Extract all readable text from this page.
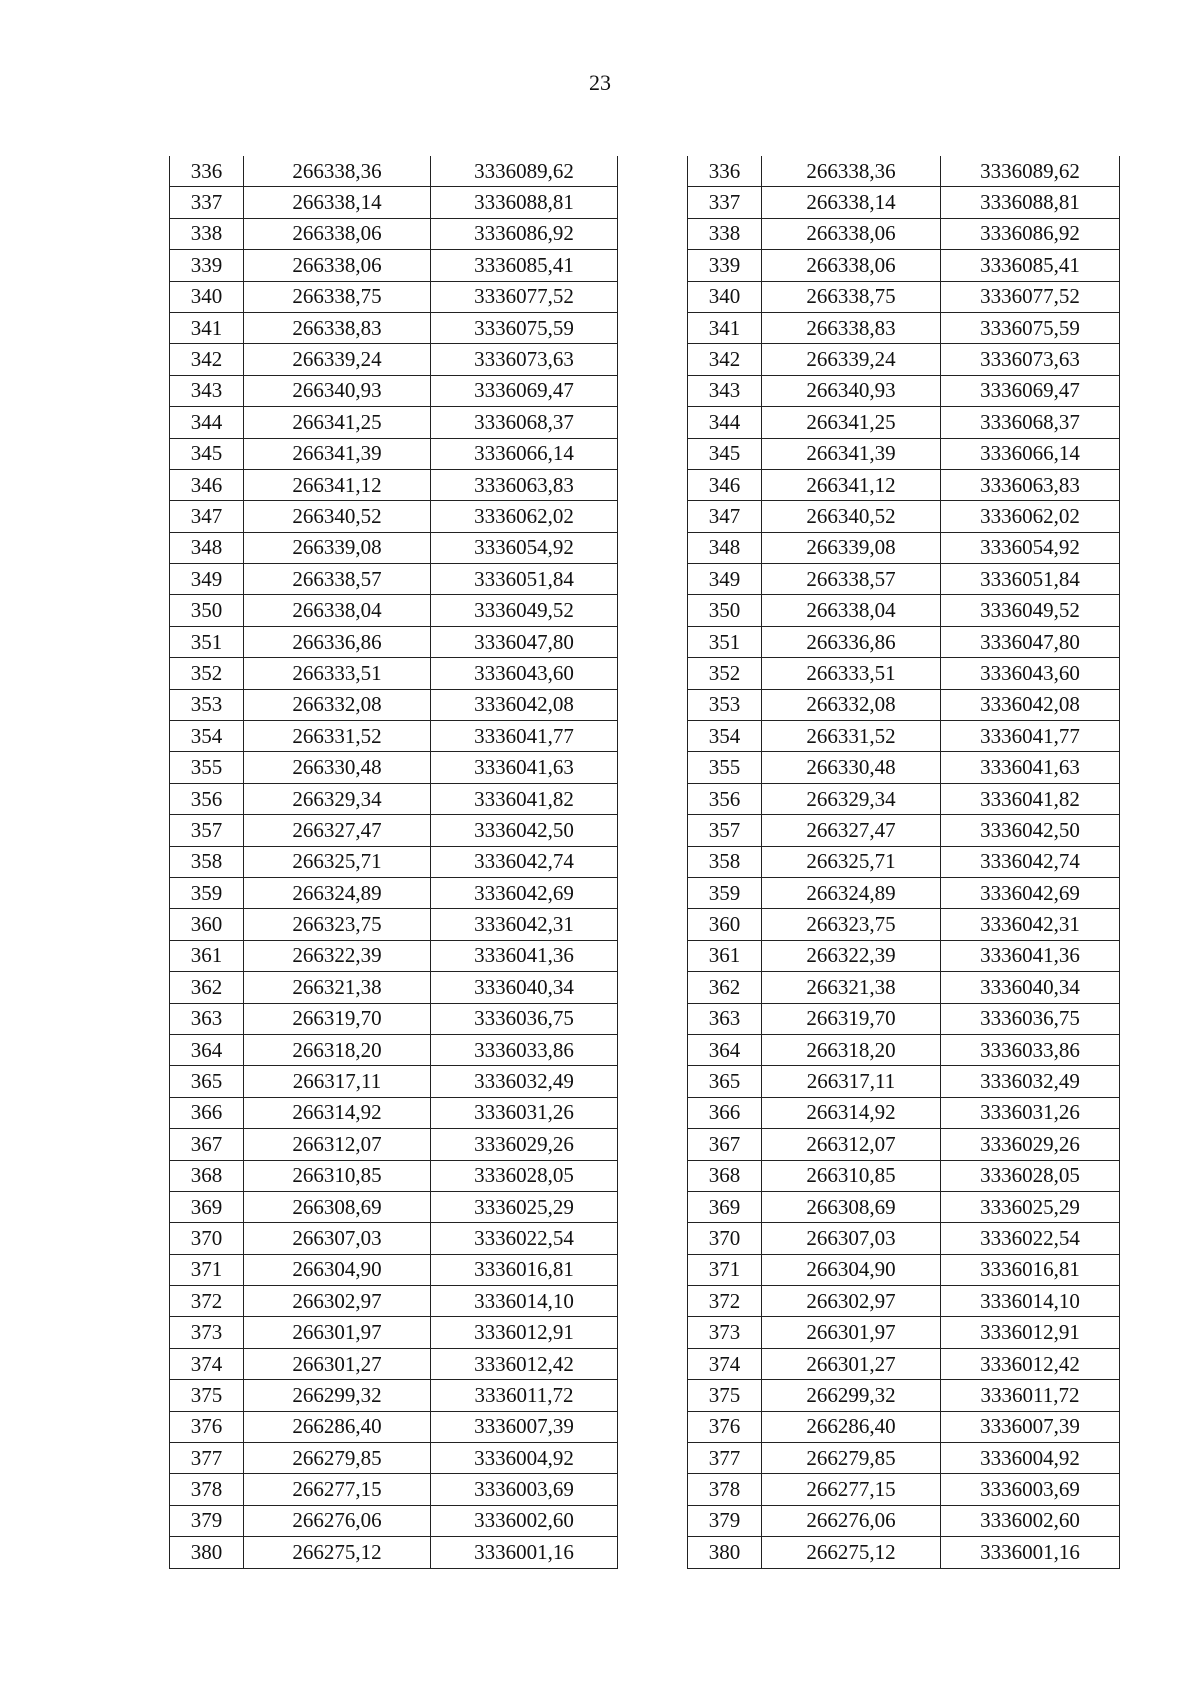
23
336	266338,36	3336089,62
337	266338,14	3336088,81
338	266338,06	3336086,92
339	266338,06	3336085,41
340	266338,75	3336077,52
341	266338,83	3336075,59
342	266339,24	3336073,63
343	266340,93	3336069,47
344	266341,25	3336068,37
345	266341,39	3336066,14
346	266341,12	3336063,83
347	266340,52	3336062,02
348	266339,08	3336054,92
349	266338,57	3336051,84
350	266338,04	3336049,52
351	266336,86	3336047,80
352	266333,51	3336043,60
353	266332,08	3336042,08
354	266331,52	3336041,77
355	266330,48	3336041,63
356	266329,34	3336041,82
357	266327,47	3336042,50
358	266325,71	3336042,74
359	266324,89	3336042,69
360	266323,75	3336042,31
361	266322,39	3336041,36
362	266321,38	3336040,34
363	266319,70	3336036,75
364	266318,20	3336033,86
365	266317,11	3336032,49
366	266314,92	3336031,26
367	266312,07	3336029,26
368	266310,85	3336028,05
369	266308,69	3336025,29
370	266307,03	3336022,54
371	266304,90	3336016,81
372	266302,97	3336014,10
373	266301,97	3336012,91
374	266301,27	3336012,42
375	266299,32	3336011,72
376	266286,40	3336007,39
377	266279,85	3336004,92
378	266277,15	3336003,69
379	266276,06	3336002,60
380	266275,12	3336001,16
336	266338,36	3336089,62
337	266338,14	3336088,81
338	266338,06	3336086,92
339	266338,06	3336085,41
340	266338,75	3336077,52
341	266338,83	3336075,59
342	266339,24	3336073,63
343	266340,93	3336069,47
344	266341,25	3336068,37
345	266341,39	3336066,14
346	266341,12	3336063,83
347	266340,52	3336062,02
348	266339,08	3336054,92
349	266338,57	3336051,84
350	266338,04	3336049,52
351	266336,86	3336047,80
352	266333,51	3336043,60
353	266332,08	3336042,08
354	266331,52	3336041,77
355	266330,48	3336041,63
356	266329,34	3336041,82
357	266327,47	3336042,50
358	266325,71	3336042,74
359	266324,89	3336042,69
360	266323,75	3336042,31
361	266322,39	3336041,36
362	266321,38	3336040,34
363	266319,70	3336036,75
364	266318,20	3336033,86
365	266317,11	3336032,49
366	266314,92	3336031,26
367	266312,07	3336029,26
368	266310,85	3336028,05
369	266308,69	3336025,29
370	266307,03	3336022,54
371	266304,90	3336016,81
372	266302,97	3336014,10
373	266301,97	3336012,91
374	266301,27	3336012,42
375	266299,32	3336011,72
376	266286,40	3336007,39
377	266279,85	3336004,92
378	266277,15	3336003,69
379	266276,06	3336002,60
380	266275,12	3336001,16
